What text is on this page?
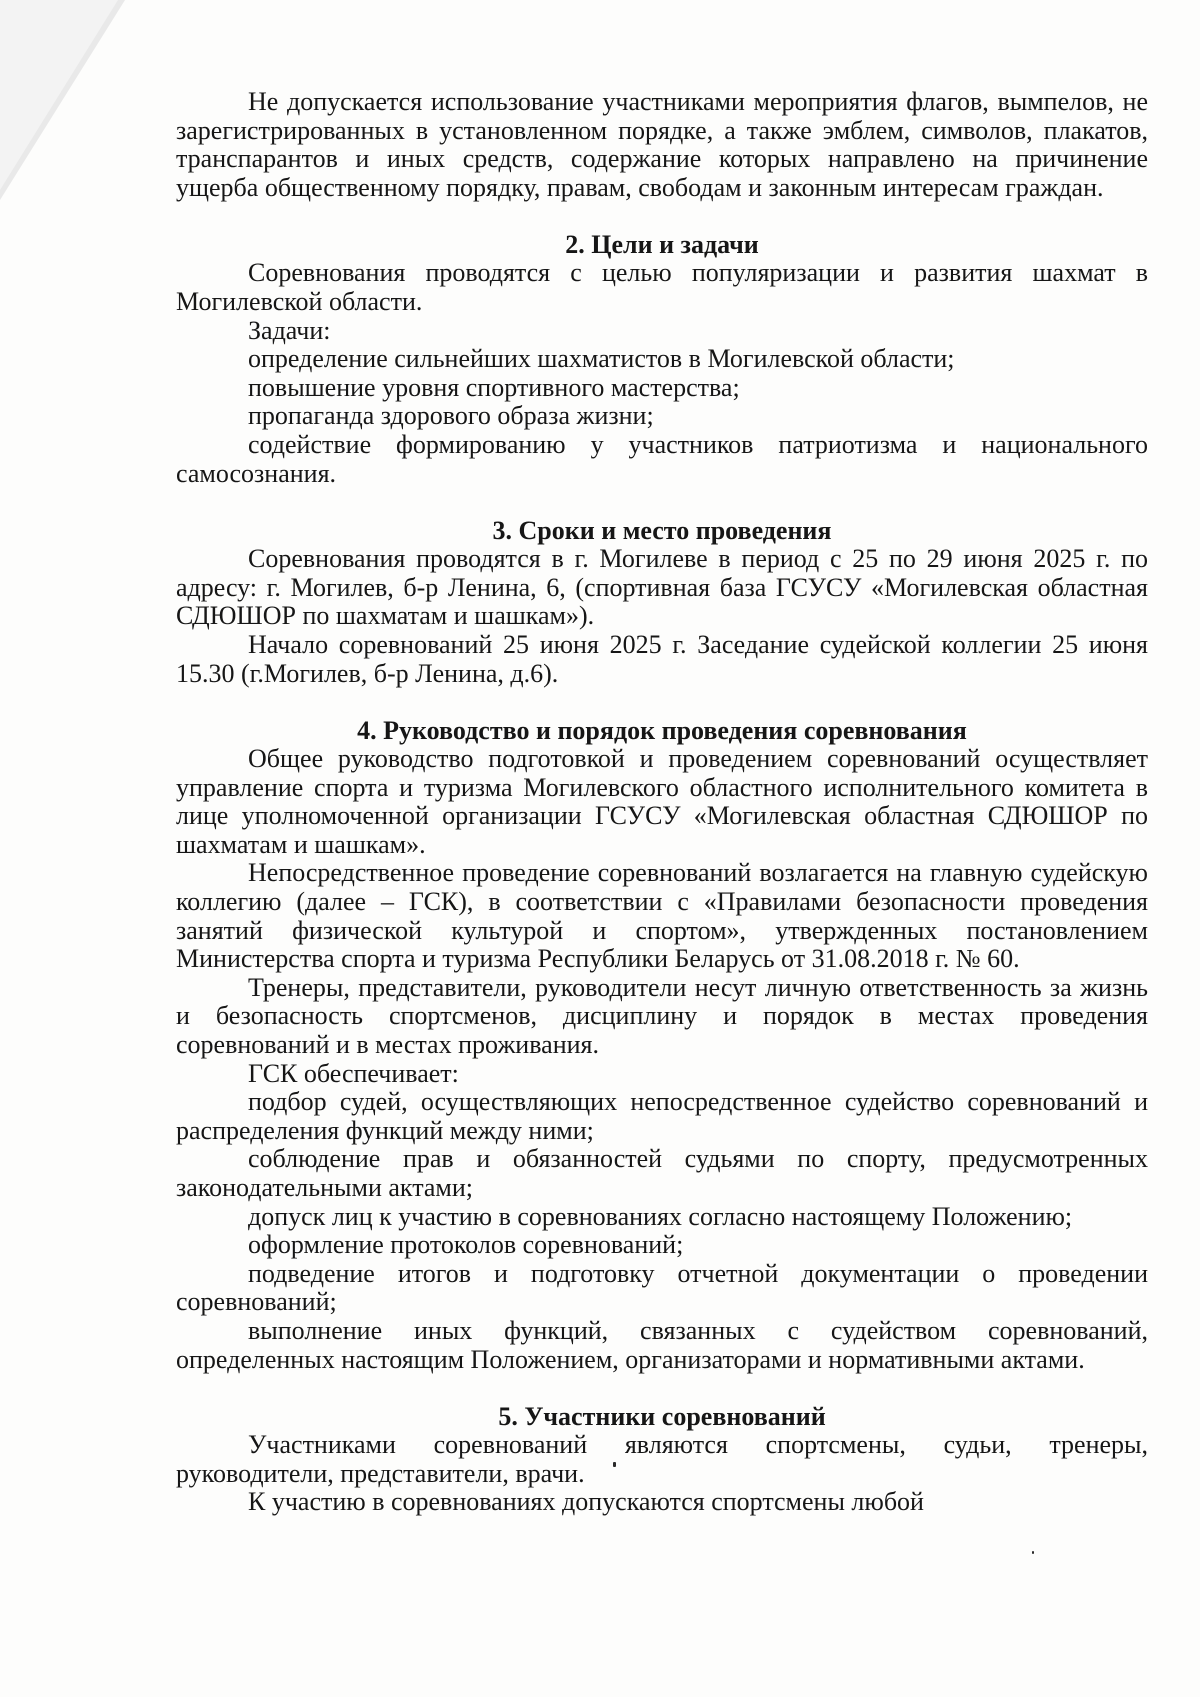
Не допускается использование участниками мероприятия флагов, вымпелов, не зарегистрированных в установленном порядке, а также эмблем, символов, плакатов, транспарантов и иных средств, содержание которых направлено на причинение ущерба общественному порядку, правам, свободам и законным интересам граждан.

2. Цели и задачи

Соревнования проводятся с целью популяризации и развития шахмат в Могилевской области.

Задачи:

определение сильнейших шахматистов в Могилевской области;

повышение уровня спортивного мастерства;

пропаганда здорового образа жизни;

содействие формированию у участников патриотизма и национального самосознания.

3. Сроки и место проведения

Соревнования проводятся в г. Могилеве в период с 25 по 29 июня 2025 г. по адресу: г. Могилев, б-р Ленина, 6, (спортивная база ГСУСУ «Могилевская областная СДЮШОР по шахматам и шашкам»).

Начало соревнований 25 июня 2025 г. Заседание судейской коллегии 25 июня 15.30 (г.Могилев, б-р Ленина, д.6).

4. Руководство и порядок проведения соревнования

Общее руководство подготовкой и проведением соревнований осуществляет управление спорта и туризма Могилевского областного исполнительного комитета в лице уполномоченной организации ГСУСУ «Могилевская областная СДЮШОР по шахматам и шашкам».

Непосредственное проведение соревнований возлагается на главную судейскую коллегию (далее – ГСК), в соответствии с «Правилами безопасности проведения занятий физической культурой и спортом», утвержденных постановлением Министерства спорта и туризма Республики Беларусь от 31.08.2018 г. № 60.

Тренеры, представители, руководители несут личную ответственность за жизнь и безопасность спортсменов, дисциплину и порядок в местах проведения соревнований и в местах проживания.

ГСК обеспечивает:

подбор судей, осуществляющих непосредственное судейство соревнований и распределения функций между ними;

соблюдение прав и обязанностей судьями по спорту, предусмотренных законодательными актами;

допуск лиц к участию в соревнованиях согласно настоящему Положению;

оформление протоколов соревнований;

подведение итогов и подготовку отчетной документации о проведении соревнований;

выполнение иных функций, связанных с судейством соревнований, определенных настоящим Положением, организаторами и нормативными актами.

5. Участники соревнований

Участниками соревнований являются спортсмены, судьи, тренеры, руководители, представители, врачи.

К участию в соревнованиях допускаются спортсмены любой
